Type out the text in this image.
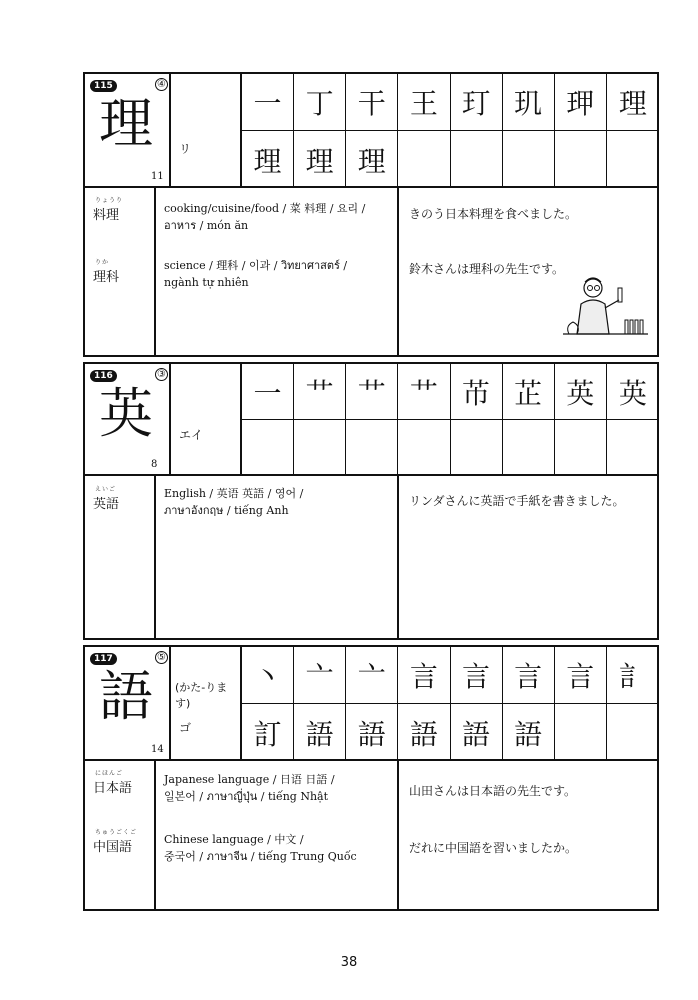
115
理
11
④
リ
一 丁 干 王 玎 玑 玾 理
理 理 理
りょうり
料理	cooking/cuisine/food / 菜 料理 / 요리 /
อาหาร / món ăn
りか
理科
science / 理科 / 이과 / วิทยาศาสตร์ /
ngành tự nhiên
きのう日本料理を食べました。
鈴木さんは理科の先生です。
116
英
8
③
エイ
一 艹 艹 艹 芇 芷 英 英
えいご
英語
English / 英语 英語 / 영어 /
ภาษาอังกฤษ / tiếng Anh
リンダさんに英語で手紙を書きました。
117
語
14
⑤
(かた-ります)
ゴ
丶 亠 亠 言 言 言 言 訁
訂 語 語 語 語 語
にほんご
日本語
Japanese language / 日语 日語 /
일본어 / ภาษาญี่ปุ่น / tiếng Nhật
ちゅうごくご
中国語
Chinese language / 中文 /
중국어 / ภาษาจีน / tiếng Trung Quốc
山田さんは日本語の先生です。
だれに中国語を習いましたか。
38
